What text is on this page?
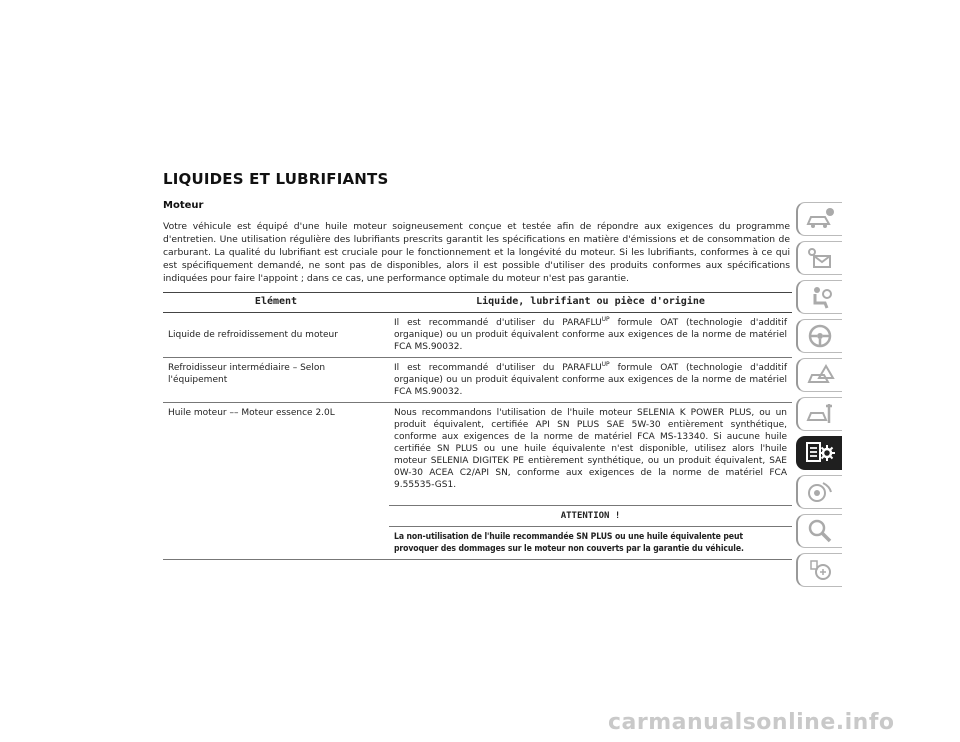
LIQUIDES ET LUBRIFIANTS
Moteur

Votre véhicule est équipé d'une huile moteur soigneusement conçue et testée afin de répondre aux exigences du programme d'entretien. Une utilisation régulière des lubrifiants prescrits garantit les spécifications en matière d'émissions et de consommation de carburant. La qualité du lubrifiant est cruciale pour le fonctionnement et la longévité du moteur. Si les lubrifiants, conformes à ce qui est spécifiquement demandé, ne sont pas de disponibles, alors il est possible d'utiliser des produits conformes aux spécifications indiquées pour faire l'appoint ; dans ce cas, une performance optimale du moteur n'est pas garantie.

Elément	Liquide, lubrifiant ou pièce d'origine
Liquide de refroidissement du moteur	Il est recommandé d'utiliser du $PARAFLU^{UP}$ formule OAT (technologie d'additif organique) ou un produit équivalent conforme aux exigences de la norme de matériel FCA MS.90032.
Refroidisseur intermédiaire – Selon l'équipement	Il est recommandé d'utiliser du $PARAFLU^{UP}$ formule OAT (technologie d'additif organique) ou un produit équivalent conforme aux exigences de la norme de matériel FCA MS.90032.
Huile moteur –– Moteur essence 2.0L	Nous recommandons l'utilisation de l'huile moteur SELENIA K POWER PLUS, ou un produit équivalent, certifiée API SN PLUS SAE 5W-30 entièrement synthétique, conforme aux exigences de la norme de matériel FCA MS-13340. Si aucune huile certifiée SN PLUS ou une huile équivalente n'est disponible, utilisez alors l'huile moteur SELENIA DIGITEK PE entièrement synthétique, ou un produit équivalent, SAE 0W-30 ACEA C2/API SN, conforme aux exigences de la norme de matériel FCA 9.55535-GS1.
	ATTENTION !
	La non-utilisation de l'huile recommandée SN PLUS ou une huile équivalente peut provoquer des dommages sur le moteur non couverts par la garantie du véhicule.
carmanualsonline.info
